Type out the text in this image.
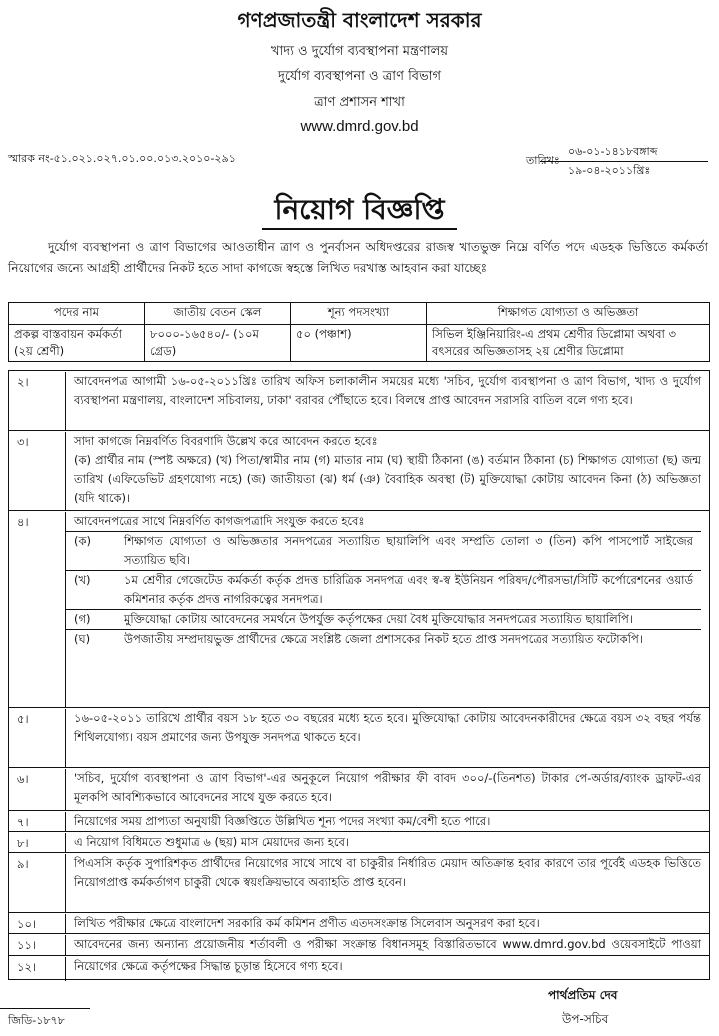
গণপ্রজাতন্ত্রী বাংলাদেশ সরকার
খাদ্য ও দুর্যোগ ব্যবস্থাপনা মন্ত্রণালয়
দুর্যোগ ব্যবস্থাপনা ও ত্রাণ বিভাগ
ত্রাণ প্রশাসন শাখা
www.dmrd.gov.bd
স্মারক নং-৫১.০২১.০২৭.০১.০০.০১৩.২০১০-২৯১	তারিখঃ
০৬-০১-১৪১৮বঙ্গাব্দ
১৯-০৪-২০১১খ্রিঃ
নিয়োগ বিজ্ঞপ্তি
দুর্যোগ ব্যবস্থাপনা ও ত্রাণ বিভাগের আওতাধীন ত্রাণ ও পুনর্বাসন অধিদপ্তরের রাজস্ব খাতভুক্ত নিম্নে বর্ণিত পদে এডহক ভিত্তিতে কর্মকর্তা নিয়োগের জন্যে আগ্রহী প্রার্থীদের নিকট হতে সাদা কাগজে স্বহস্তে লিখিত দরখাস্ত আহবান করা যাচ্ছেঃ
পদের নাম	জাতীয় বেতন স্কেল	শূন্য পদসংখ্যা	শিক্ষাগত যোগ্যতা ও অভিজ্ঞতা
প্রকল্প বাস্তবায়ন কর্মকর্তা (২য় শ্রেণী)	৮০০০-১৬৫৪০/- (১০ম গ্রেড)	৫০ (পঞ্চাশ)	সিভিল ইঞ্জিনিয়ারিং-এ প্রথম শ্রেণীর ডিপ্লোমা অথবা ৩ বৎসরের অভিজ্ঞতাসহ ২য় শ্রেণীর ডিপ্লোমা
২।	আবেদনপত্র আগামী ১৬-০৫-২০১১খ্রিঃ তারিখ অফিস চলাকালীন সময়ের মধ্যে 'সচিব, দুর্যোগ ব্যবস্থাপনা ও ত্রাণ বিভাগ, খাদ্য ও দুর্যোগ ব্যবস্থাপনা মন্ত্রণালয়, বাংলাদেশ সচিবালয়, ঢাকা' বরাবর পৌঁছাতে হবে। বিলম্বে প্রাপ্ত আবেদন সরাসরি বাতিল বলে গণ্য হবে।
৩।	সাদা কাগজে নিম্নবর্ণিত বিবরণাদি উল্লেখ করে আবেদন করতে হবেঃ
(ক) প্রার্থীর নাম (স্পষ্ট অক্ষরে) (খ) পিতা/স্বামীর নাম (গ) মাতার নাম (ঘ) স্থায়ী ঠিকানা (ঙ) বর্তমান ঠিকানা (চ) শিক্ষাগত যোগ্যতা (ছ) জন্ম তারিখ (এফিডেভিট গ্রহণযোগ্য নহে) (জ) জাতীয়তা (ঝ) ধর্ম (ঞ) বৈবাহিক অবস্থা (ট) মুক্তিযোদ্ধা কোটায় আবেদন কিনা (ঠ) অভিজ্ঞতা (যদি থাকে)।
৪।	আবেদনপত্রের সাথে নিম্নবর্ণিত কাগজপত্রাদি সংযুক্ত করতে হবেঃ
(ক)	শিক্ষাগত যোগ্যতা ও অভিজ্ঞতার সনদপত্রের সত্যায়িত ছায়ালিপি এবং সম্প্রতি তোলা ৩ (তিন) কপি পাসপোর্ট সাইজের সত্যায়িত ছবি।
(খ)	১ম শ্রেণীর গেজেটেড কর্মকর্তা কর্তৃক প্রদত্ত চারিত্রিক সনদপত্র এবং স্ব-স্ব ইউনিয়ন পরিষদ/পৌরসভা/সিটি কর্পোরেশনের ওয়ার্ড কমিশনার কর্তৃক প্রদত্ত নাগরিকত্বের সনদপত্র।
(গ)	মুক্তিযোদ্ধা কোটায় আবেদনের সমর্থনে উপর্যুক্ত কর্তৃপক্ষের দেয়া বৈধ মুক্তিযোদ্ধার সনদপত্রের সত্যায়িত ছায়ালিপি।
(ঘ)	উপজাতীয় সম্প্রদায়ভুক্ত প্রার্থীদের ক্ষেত্রে সংশ্লিষ্ট জেলা প্রশাসকের নিকট হতে প্রাপ্ত সনদপত্রের সত্যায়িত ফটোকপি।
৫।	১৬-০৫-২০১১ তারিখে প্রার্থীর বয়স ১৮ হতে ৩০ বছরের মধ্যে হতে হবে। মুক্তিযোদ্ধা কোটায় আবেদনকারীদের ক্ষেত্রে বয়স ৩২ বছর পর্যন্ত শিথিলযোগ্য। বয়স প্রমাণের জন্য উপযুক্ত সনদপত্র থাকতে হবে।
৬।	'সচিব, দুর্যোগ ব্যবস্থাপনা ও ত্রাণ বিভাগ'-এর অনুকূলে নিয়োগ পরীক্ষার ফী বাবদ ৩০০/-(তিনশত) টাকার পে-অর্ডার/ব্যাংক ড্রাফট-এর মূলকপি আবশ্যিকভাবে আবেদনের সাথে যুক্ত করতে হবে।
৭।	নিয়োগের সময় প্রাপ্যতা অনুযায়ী বিজ্ঞপ্তিতে উল্লিখিত শূন্য পদের সংখ্যা কম/বেশী হতে পারে।
৮।	এ নিয়োগ বিধিমতে শুধুমাত্র ৬ (ছয়) মাস মেয়াদের জন্য হবে।
৯।	পিএসসি কর্তৃক সুপারিশকৃত প্রার্থীদের নিয়োগের সাথে সাথে বা চাকুরীর নির্ধারিত মেয়াদ অতিক্রান্ত হবার কারণে তার পূর্বেই এডহক ভিত্তিতে নিয়োগপ্রাপ্ত কর্মকর্তাগণ চাকুরী থেকে স্বয়ংক্রিয়ভাবে অব্যাহতি প্রাপ্ত হবেন।
১০।	লিখিত পরীক্ষার ক্ষেত্রে বাংলাদেশ সরকারি কর্ম কমিশন প্রণীত এতদসংক্রান্ত সিলেবাস অনুসরণ করা হবে।
১১।	আবেদনের জন্য অন্যান্য প্রয়োজনীয় শর্তাবলী ও পরীক্ষা সংক্রান্ত বিধানসমূহ বিস্তারিতভাবে www.dmrd.gov.bd ওয়েবসাইটে পাওয়া
১২।	নিয়োগের ক্ষেত্রে কর্তৃপক্ষের সিদ্ধান্ত চূড়ান্ত হিসেবে গণ্য হবে।
পার্থপ্রতিম দেব
উপ-সচিব
জিডি-১৮৭৮
